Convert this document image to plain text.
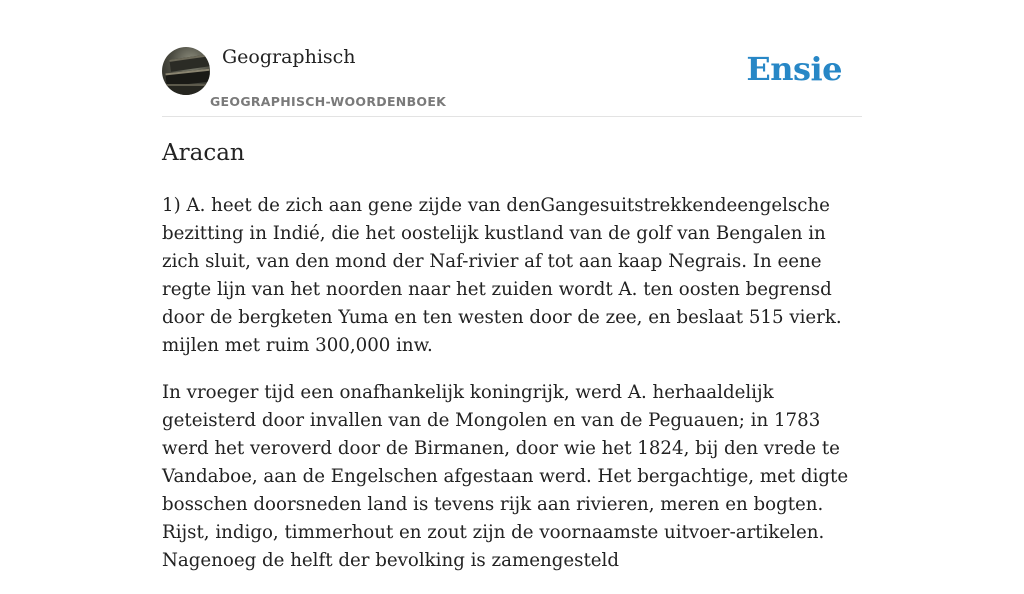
Geographisch
GEOGRAPHISCH-WOORDENBOEK
Ensie
Aracan

1) A. heet de zich aan gene zijde van denGangesuitstrekkendeengelsche bezitting in Indié, die het oostelijk kustland van de golf van Bengalen in zich sluit, van den mond der Naf-rivier af tot aan kaap Negrais. In eene regte lijn van het noorden naar het zuiden wordt A. ten oosten begrensd door de bergketen Yuma en ten westen door de zee, en beslaat 515 vierk. mijlen met ruim 300,000 inw.

In vroeger tijd een onafhankelijk koningrijk, werd A. herhaaldelijk geteisterd door invallen van de Mongolen en van de Peguauen; in 1783 werd het veroverd door de Birmanen, door wie het 1824, bij den vrede te Vandaboe, aan de Engelschen afgestaan werd. Het bergachtige, met digte bosschen doorsneden land is tevens rijk aan rivieren, meren en bogten. Rijst, indigo, timmerhout en zout zijn de voornaamste uitvoer-artikelen. Nagenoeg de helft der bevolking is zamengesteld
